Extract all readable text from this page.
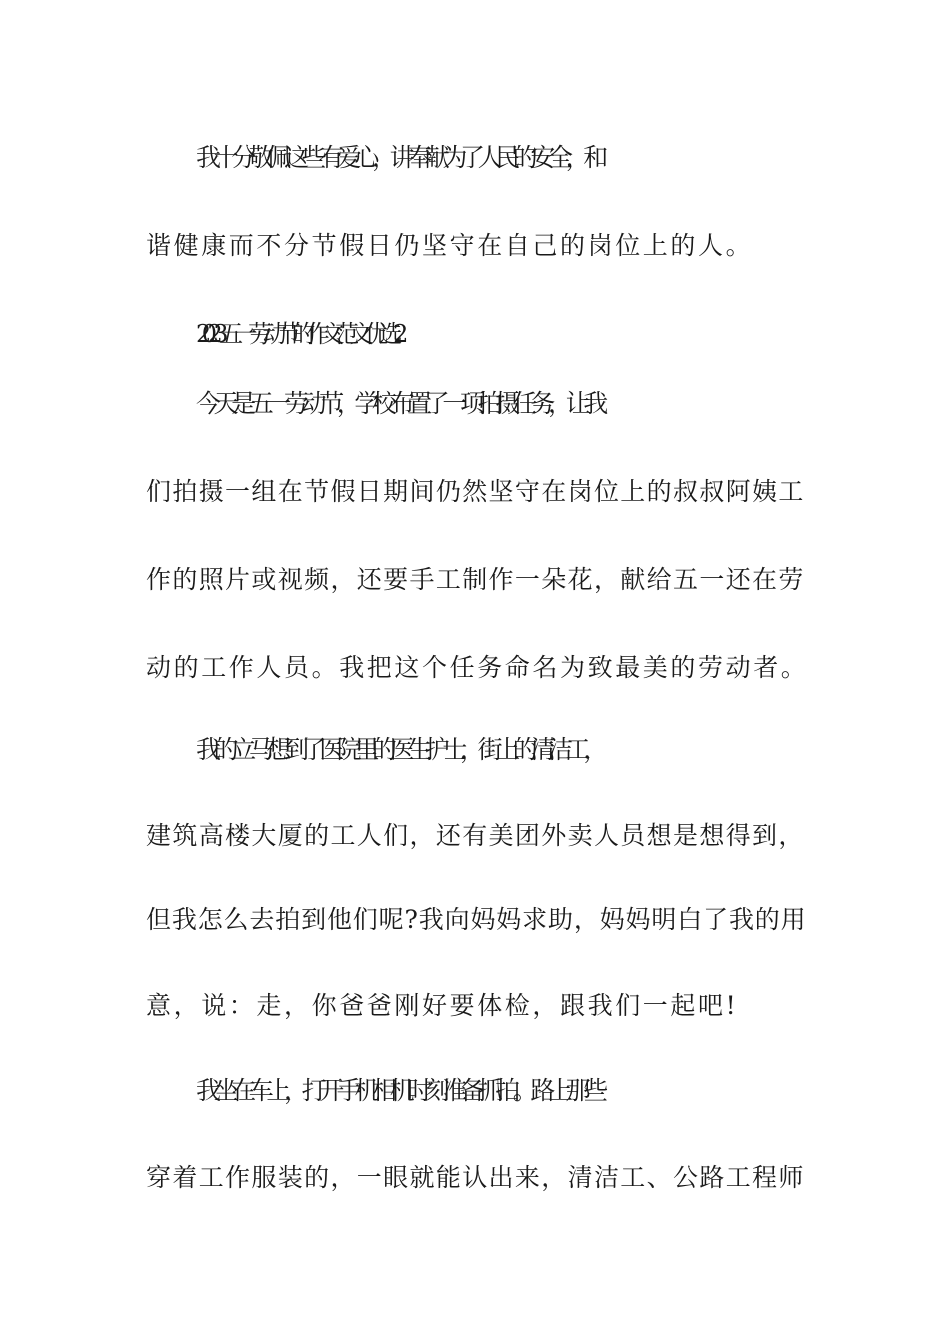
我十分敬佩这些有爱心，讲奉献为了人民的安全，和
谐健康而不分节假日仍坚守在自己的岗位上的人。
2023五一劳动节的作文范文优选2
今天是五一劳动节，学校布置了一项拍摄任务，让我
们拍摄一组在节假日期间仍然坚守在岗位上的叔叔阿姨工
作的照片或视频，还要手工制作一朵花，献给五一还在劳
动的工作人员。我把这个任务命名为致最美的劳动者。
我的立马想到了医院里的医生护士，街上的清洁工，
建筑高楼大厦的工人们，还有美团外卖人员想是想得到，
但我怎么去拍到他们呢?我向妈妈求助，妈妈明白了我的用
意，说：走，你爸爸刚好要体检，跟我们一起吧!
我坐在车上，打开手机相机时刻准备抓拍。路上那些
穿着工作服装的，一眼就能认出来，清洁工、公路工程师
